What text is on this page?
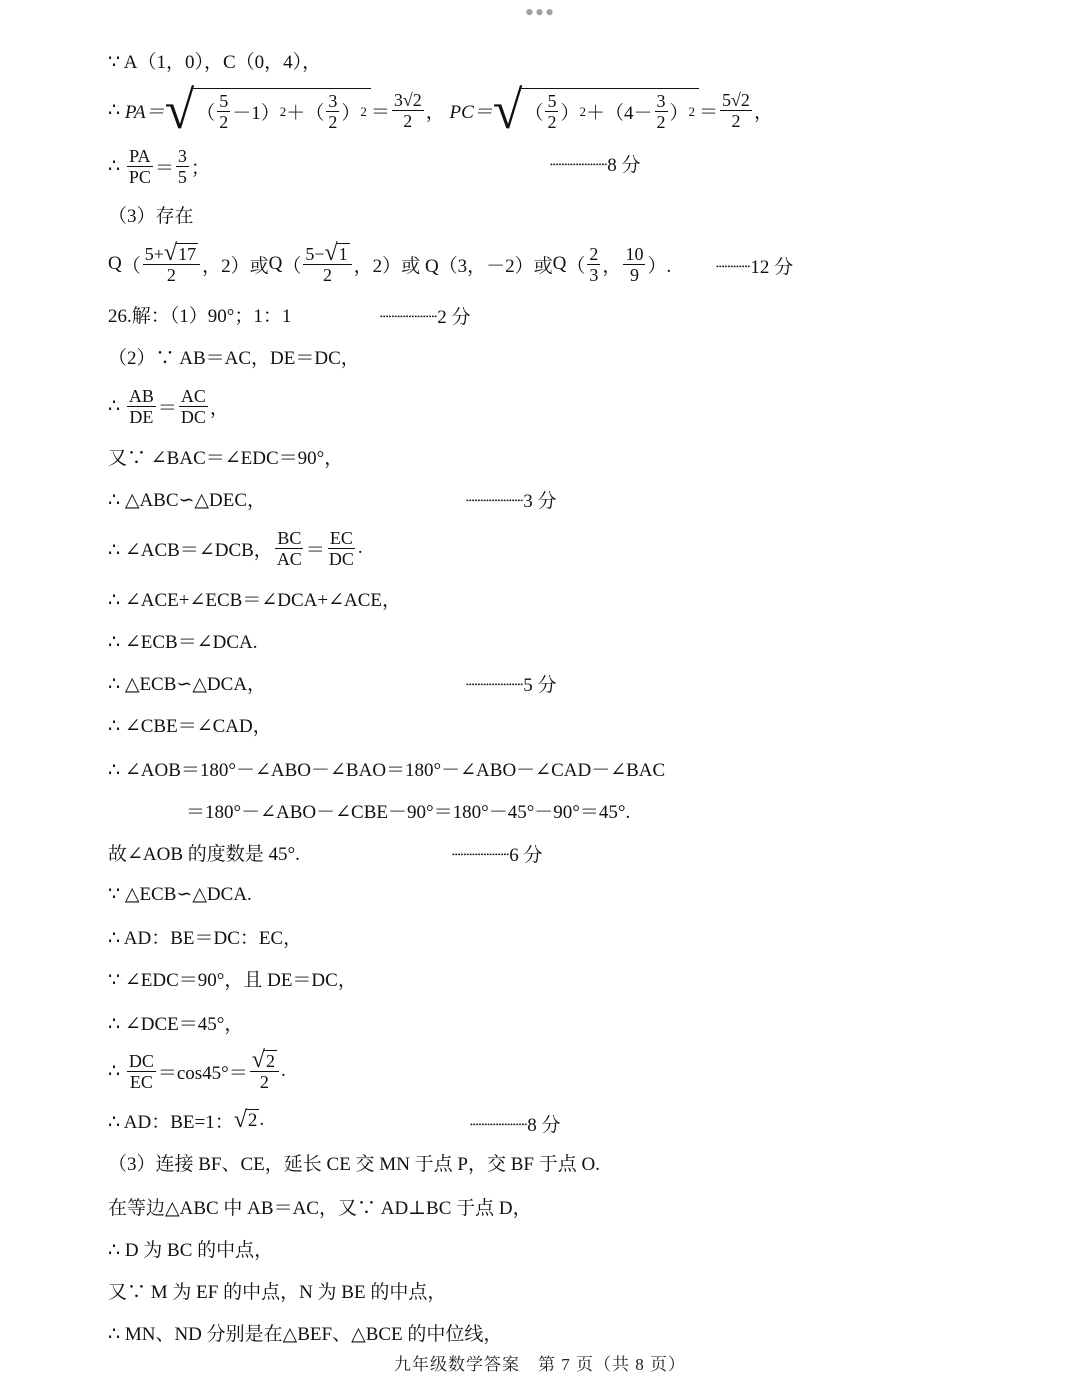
•••
∵ A（1，0），C（0，4），
∴
PA＝ √ （ $\frac{5}{2} -1$ ） 2 ＋ （ $\frac{3}{2}$ ） $2 = \frac{3√2}{2}$ ，
PC＝ √ （ $\frac{5}{2}$ ） 2 ＋ （ $4- \frac{3}{2}$ ） $2 = \frac{5√2}{2}$ ，
∴
$\frac{PA}{PC} = \frac{3}{5}$ ；	┈┈┈┈┈8 分
（3）存在
Q （ $\frac{5+√17}{2}$ ，2）或 Q （ $\frac{5-√1}{2}$ ，2）或
Q（3，－2）或 Q （ $\frac{2}{3}$ ， $\frac{10}{9}$ ）. ┈┈┈12 分
26.解：（1）90°；1：1	┈┈┈┈┈2 分
（2）∵ AB＝AC，DE＝DC，
∴
$\frac{AB}{DE} = \frac{AC}{DC}$ ，
又∵ ∠BAC＝∠EDC＝90°，
∴ △ABC∽△DEC，	┈┈┈┈┈3 分
∴ ∠ACB＝∠DCB， $\frac{BC}{AC} = \frac{EC}{DC}$ .
∴ ∠ACE+∠ECB＝∠DCA+∠ACE，
∴ ∠ECB＝∠DCA.
∴ △ECB∽△DCA，	┈┈┈┈┈5 分
∴ ∠CBE＝∠CAD，
∴ ∠AOB＝180°－∠ABO－∠BAO＝180°－∠ABO－∠CAD－∠BAC
＝180°－∠ABO－∠CBE－90°＝180°－45°－90°＝45°.
故∠AOB 的度数是 45°.	┈┈┈┈┈6 分
∵ △ECB∽△DCA.
∴ AD：BE＝DC：EC，
∵ ∠EDC＝90°，且 DE＝DC，
∴ ∠DCE＝45°，
∴
$\frac{DC}{EC} =\cos 45^\circ= \frac{√2}{2}$ .
∴ AD：BE=1： √ 2 .	┈┈┈┈┈8 分
（3）连接 BF、CE，延长 CE 交 MN 于点 P，交 BF 于点 O.
在等边△ABC 中 AB＝AC，又∵ AD⊥BC 于点 D，
∴ D 为 BC 的中点，
又∵ M 为 EF 的中点，N 为 BE 的中点，
∴ MN、ND 分别是在△BEF、△BCE 的中位线，
九年级数学答案　第 7 页（共 8 页）
